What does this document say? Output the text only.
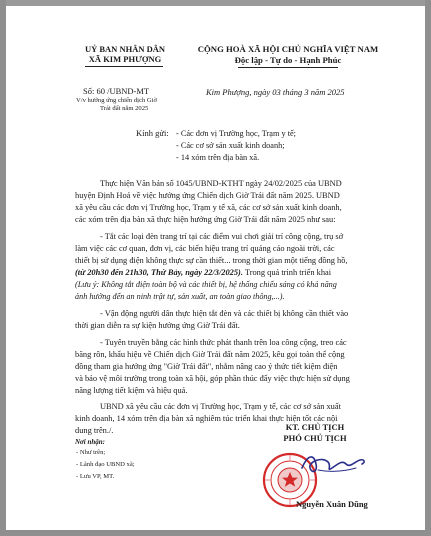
UỶ BAN NHÂN DÂN
XÃ KIM PHƯỢNG
CỘNG HOÀ XÃ HỘI CHỦ NGHĨA VIỆT NAM
Độc lập - Tự do - Hạnh Phúc
Số: 60 /UBND-MT
V/v hưởng ứng chiến dịch Giờ
Trái đất năm 2025
Kim Phượng, ngày 03 tháng 3 năm 2025
Kính gửi: - Các đơn vị Trường học, Trạm y tế;
- Các cơ sở sản xuất kinh doanh;
- 14 xóm trên địa bàn xã.
Thực hiện Văn bản số 1045/UBND-KTHT ngày 24/02/2025 của UBND
huyện Định Hoá về việc hưởng ứng Chiến dịch Giờ Trái đất năm 2025. UBND
xã yêu cầu các đơn vị Trường học, Trạm y tế xã, các cơ sở sản xuất kinh doanh,
các xóm trên địa bàn xã thực hiện hưởng ứng Giờ Trái đất năm 2025 như sau:
- Tắt các loại đèn trang trí tại các điểm vui chơi giải trí công cộng, trụ sở
làm việc các cơ quan, đơn vị, các biển hiệu trang trí quảng cáo ngoài trời, các
thiết bị sử dụng điện không thực sự cần thiết... trong thời gian một tiếng đồng hồ,
(từ 20h30 đến 21h30, Thứ Bảy, ngày 22/3/2025). Trong quá trình triển khai
(Lưu ý: Không tắt điện toàn bộ và các thiết bị, hệ thống chiếu sáng có khả năng
ảnh hưởng đến an ninh trật tự, sản xuất, an toàn giao thông,...).
- Vận động người dân thực hiện tắt đèn và các thiết bị không cần thiết vào
thời gian diễn ra sự kiện hưởng ứng Giờ Trái đất.
- Tuyên truyền bằng các hình thức phát thanh trên loa công cộng, treo các
băng rôn, khẩu hiệu về Chiến dịch Giờ Trái đất năm 2025, kêu gọi toàn thể cộng
đồng tham gia hưởng ứng "Giờ Trái đất", nhằm nâng cao ý thức tiết kiệm điện
và bảo vệ môi trường trong toàn xã hội, góp phần thúc đẩy việc thực hiện sử dụng
năng lượng tiết kiệm và hiệu quả.
UBND xã yêu cầu các đơn vị Trường học, Trạm y tế, các cơ sở sản xuất
kinh doanh, 14 xóm trên địa bàn xã nghiêm túc triển khai thực hiện tốt các nội
dung trên./.
Nơi nhận:
- Như trên;
- Lãnh đạo UBND xã;
- Lưu VP, MT.
KT. CHỦ TỊCH
PHÓ CHỦ TỊCH
Nguyễn Xuân Dũng
